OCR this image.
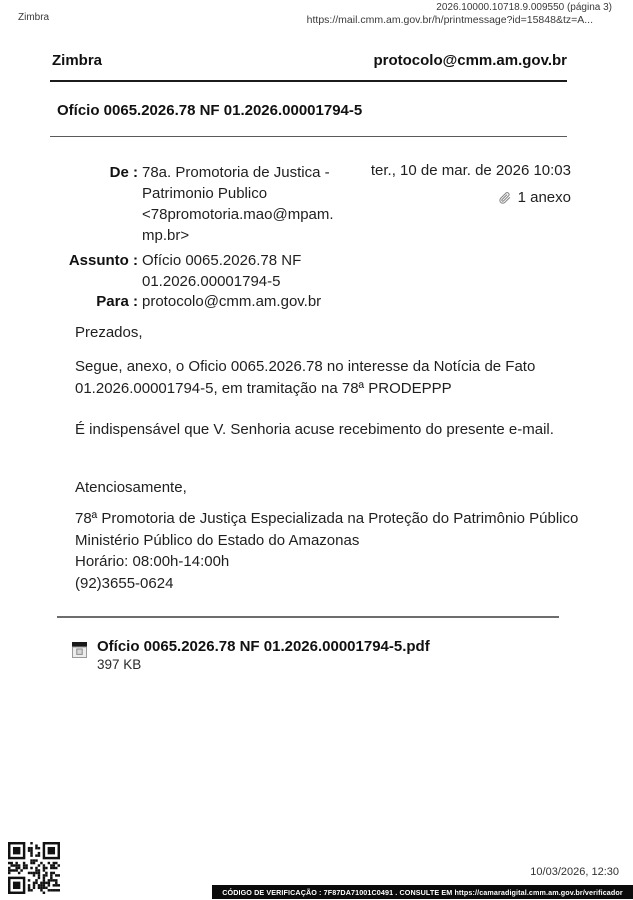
Zimbra
2026.10000.10718.9.009550 (página 3)
https://mail.cmm.am.gov.br/h/printmessage?id=15848&tz=A...
Zimbra	protocolo@cmm.am.gov.br
Ofício 0065.2026.78 NF 01.2026.00001794-5
De : 78a. Promotoria de Justica - Patrimonio Publico <78promotoria.mao@mpam.mp.br>
ter., 10 de mar. de 2026 10:03
1 anexo
Assunto : Ofício 0065.2026.78 NF 01.2026.00001794-5
Para : protocolo@cmm.am.gov.br
Prezados,
Segue, anexo, o Oficio 0065.2026.78 no interesse da Notícia de Fato 01.2026.00001794-5, em tramitação na 78ª PRODEPPP
É indispensável que V. Senhoria acuse recebimento do presente e-mail.
Atenciosamente,
78ª Promotoria de Justiça Especializada na Proteção do Patrimônio Público
Ministério Público do Estado do Amazonas
Horário: 08:00h-14:00h
(92)3655-0624
Ofício 0065.2026.78 NF 01.2026.00001794-5.pdf
397 KB
10/03/2026, 12:30
CÓDIGO DE VERIFICAÇÃO : 7F87DA71001C0491 . CONSULTE EM https://camaradigital.cmm.am.gov.br/verificador
